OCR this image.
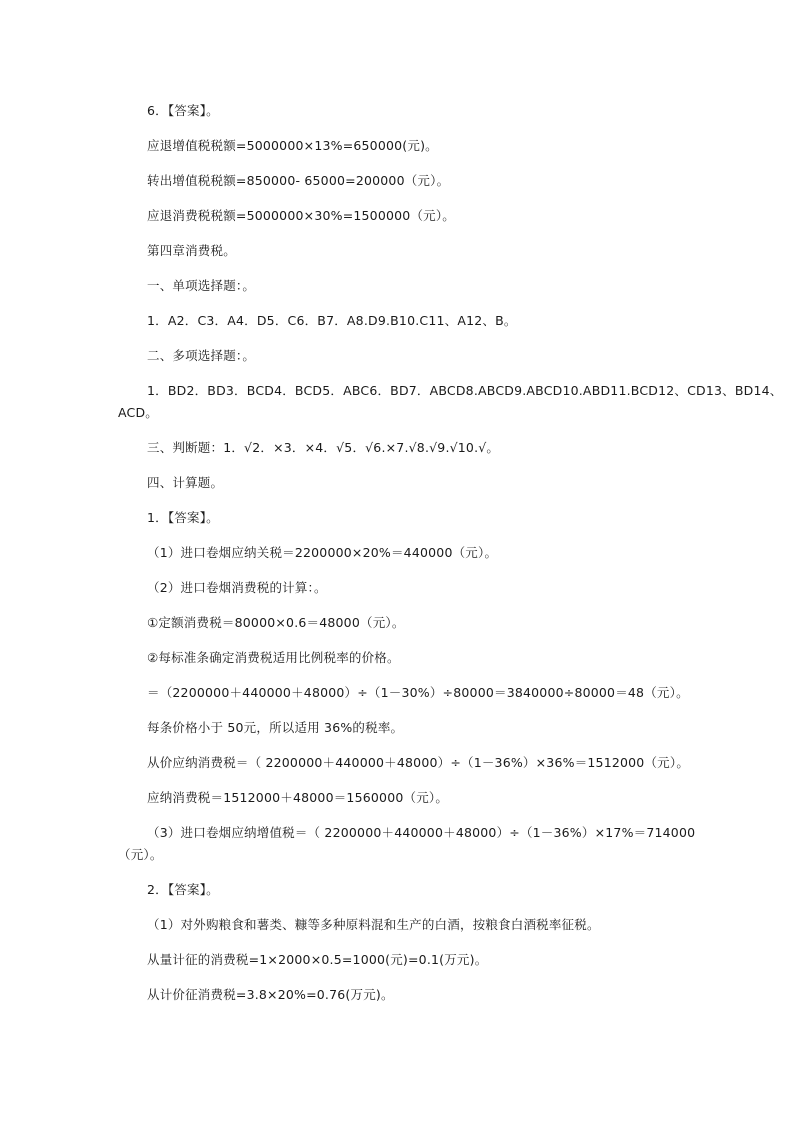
6．【答案】。
应退增值税税额=5000000×13%=650000(元)。
转出增值税税额=850000- 65000=200000（元）。
应退消费税税额=5000000×30%=1500000（元）。
第四章消费税。
一、单项选择题：。
1．A2．C3．A4．D5．C6．B7．A8.D9.B10.C11、A12、B。
二、多项选择题：。
1．BD2．BD3．BCD4．BCD5．ABC6．BD7．ABCD8.ABCD9.ABCD10.ABD11.BCD12、CD13、BD14、
ACD。
三、判断题：1．√2．×3．×4．√5．√6.×7.√8.√9.√10.√。
四、计算题。
1．【答案】。
（1）进口卷烟应纳关税＝2200000×20%＝440000（元）。
（2）进口卷烟消费税的计算：。
①定额消费税＝80000×0.6＝48000（元）。
②每标准条确定消费税适用比例税率的价格。
＝（2200000＋440000＋48000）÷（1－30%）÷80000＝3840000÷80000＝48（元）。
每条价格小于 50元，所以适用 36%的税率。
从价应纳消费税＝（ 2200000＋440000＋48000）÷（1－36%）×36%＝1512000（元）。
应纳消费税＝1512000＋48000＝1560000（元）。
（3）进口卷烟应纳增值税＝（ 2200000＋440000＋48000）÷（1－36%）×17%＝714000
（元）。
2．【答案】。
（1）对外购粮食和薯类、糠等多种原料混和生产的白酒，按粮食白酒税率征税。
从量计征的消费税=1×2000×0.5=1000(元)=0.1(万元)。
从计价征消费税=3.8×20%=0.76(万元)。
